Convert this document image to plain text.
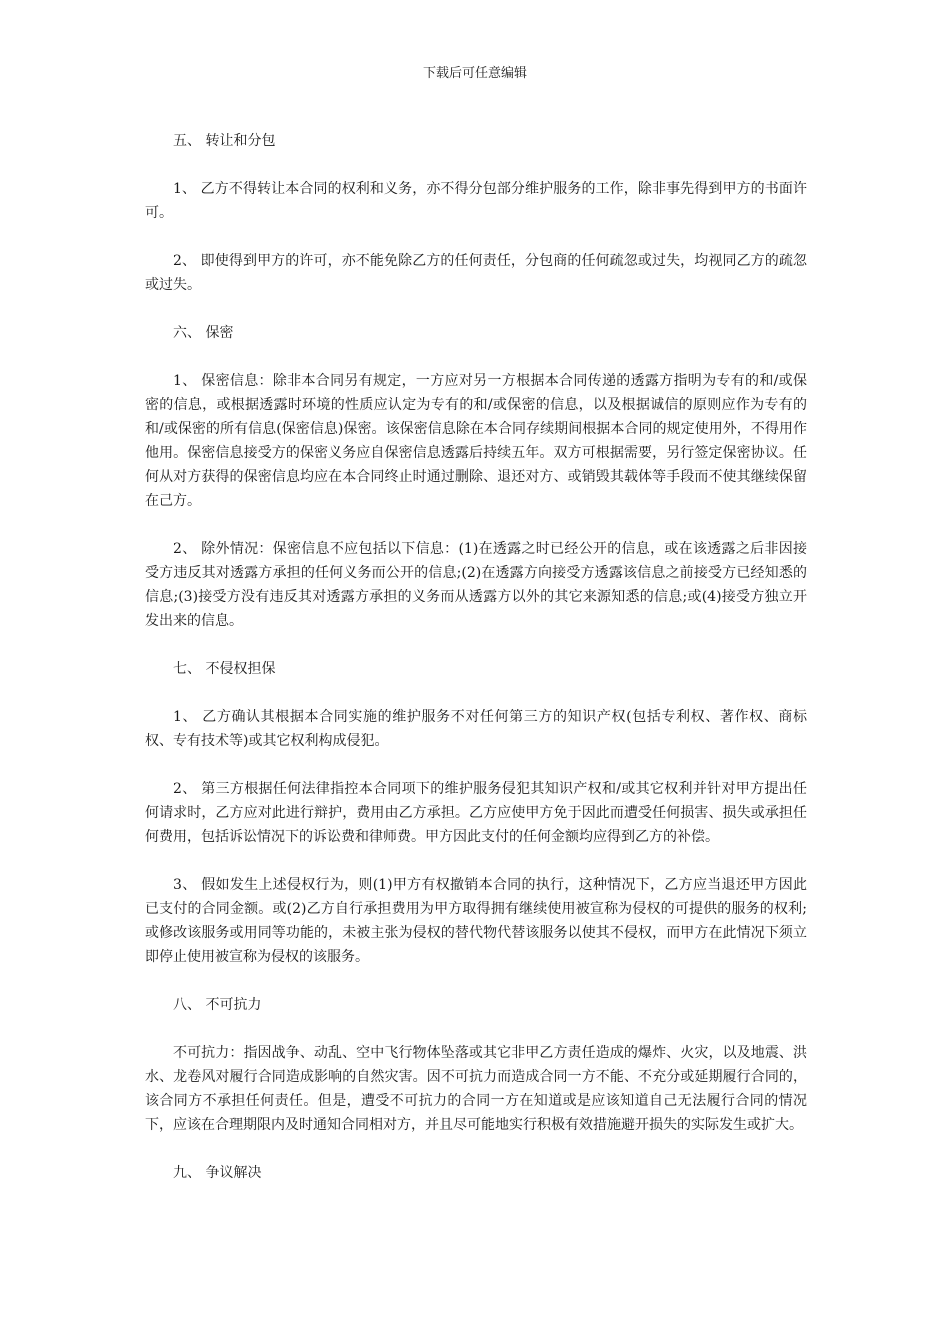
下载后可任意编辑

五、 转让和分包

1、 乙方不得转让本合同的权利和义务，亦不得分包部分维护服务的工作，除非事先得到甲方的书面许可。

2、 即使得到甲方的许可，亦不能免除乙方的任何责任，分包商的任何疏忽或过失，均视同乙方的疏忽或过失。

六、 保密

1、 保密信息：除非本合同另有规定，一方应对另一方根据本合同传递的透露方指明为专有的和/或保密的信息，或根据透露时环境的性质应认定为专有的和/或保密的信息，以及根据诚信的原则应作为专有的和/或保密的所有信息(保密信息)保密。该保密信息除在本合同存续期间根据本合同的规定使用外，不得用作他用。保密信息接受方的保密义务应自保密信息透露后持续五年。双方可根据需要，另行签定保密协议。任何从对方获得的保密信息均应在本合同终止时通过删除、退还对方、或销毁其载体等手段而不使其继续保留在己方。

2、 除外情况：保密信息不应包括以下信息：(1)在透露之时已经公开的信息，或在该透露之后非因接受方违反其对透露方承担的任何义务而公开的信息;(2)在透露方向接受方透露该信息之前接受方已经知悉的信息;(3)接受方没有违反其对透露方承担的义务而从透露方以外的其它来源知悉的信息;或(4)接受方独立开发出来的信息。

七、 不侵权担保

1、 乙方确认其根据本合同实施的维护服务不对任何第三方的知识产权(包括专利权、著作权、商标权、专有技术等)或其它权利构成侵犯。

2、 第三方根据任何法律指控本合同项下的维护服务侵犯其知识产权和/或其它权利并针对甲方提出任何请求时，乙方应对此进行辩护，费用由乙方承担。乙方应使甲方免于因此而遭受任何损害、损失或承担任何费用，包括诉讼情况下的诉讼费和律师费。甲方因此支付的任何金额均应得到乙方的补偿。

3、 假如发生上述侵权行为，则(1)甲方有权撤销本合同的执行，这种情况下，乙方应当退还甲方因此已支付的合同金额。或(2)乙方自行承担费用为甲方取得拥有继续使用被宣称为侵权的可提供的服务的权利;或修改该服务或用同等功能的，未被主张为侵权的替代物代替该服务以使其不侵权，而甲方在此情况下须立即停止使用被宣称为侵权的该服务。

八、 不可抗力

不可抗力：指因战争、动乱、空中飞行物体坠落或其它非甲乙方责任造成的爆炸、火灾，以及地震、洪水、龙卷风对履行合同造成影响的自然灾害。因不可抗力而造成合同一方不能、不充分或延期履行合同的，该合同方不承担任何责任。但是，遭受不可抗力的合同一方在知道或是应该知道自己无法履行合同的情况下，应该在合理期限内及时通知合同相对方，并且尽可能地实行积极有效措施避开损失的实际发生或扩大。

九、 争议解决
